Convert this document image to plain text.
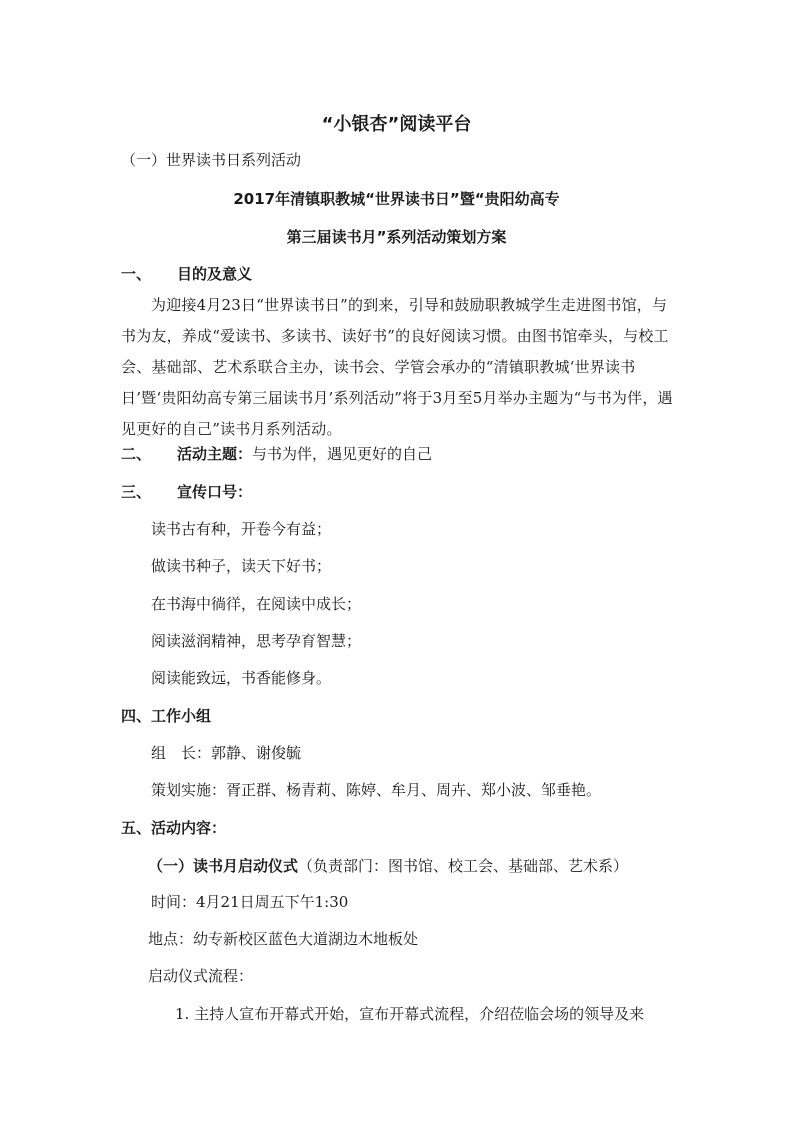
“小银杏”阅读平台
（一）世界读书日系列活动
2017年清镇职教城“世界读书日”暨“贵阳幼高专
第三届读书月”系列活动策划方案
一、 目的及意义
为迎接4月23日“世界读书日”的到来，引导和鼓励职教城学生走进图书馆，与书为友，养成“爱读书、多读书、读好书”的良好阅读习惯。由图书馆牵头，与校工会、基础部、艺术系联合主办，读书会、学管会承办的“清镇职教城‘世界读书日’暨‘贵阳幼高专第三届读书月’系列活动”将于3月至5月举办主题为“与书为伴，遇见更好的自己”读书月系列活动。
二、 活动主题：与书为伴，遇见更好的自己
三、 宣传口号：
读书古有种，开卷今有益；
做读书种子，读天下好书；
在书海中徜徉，在阅读中成长；
阅读滋润精神，思考孕育智慧；
阅读能致远，书香能修身。
四、工作小组
组　长：郭静、谢俊毓
策划实施：胥正群、杨青莉、陈婷、牟月、周卉、郑小波、邹垂艳。
五、活动内容：
（一）读书月启动仪式（负责部门：图书馆、校工会、基础部、艺术系）
时间：4月21日周五下午1:30
地点：幼专新校区蓝色大道湖边木地板处
启动仪式流程：
1. 主持人宣布开幕式开始，宣布开幕式流程，介绍莅临会场的领导及来
